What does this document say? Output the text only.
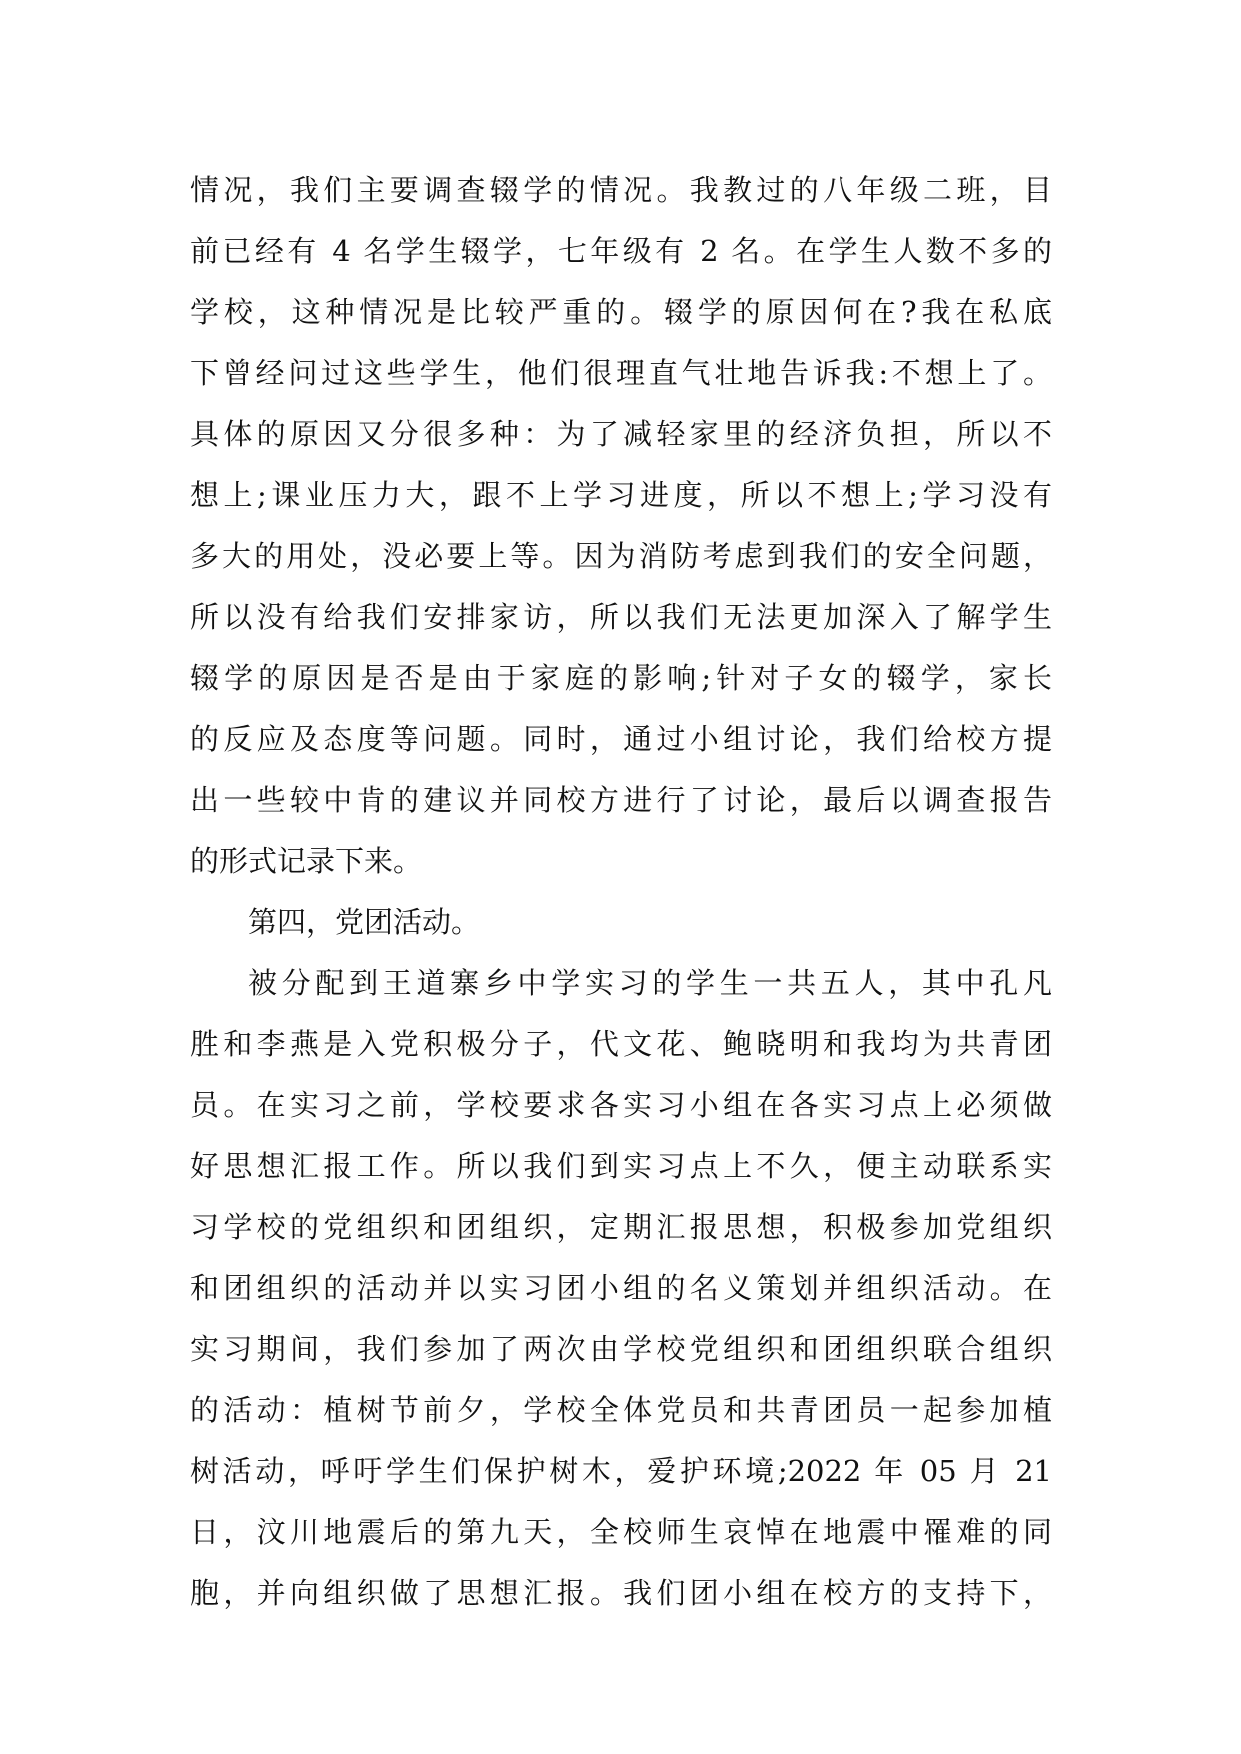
情况，我们主要调查辍学的情况。我教过的八年级二班，目
前已经有 4 名学生辍学，七年级有 2 名。在学生人数不多的
学校，这种情况是比较严重的。辍学的原因何在?我在私底
下曾经问过这些学生，他们很理直气壮地告诉我:不想上了。
具体的原因又分很多种：为了减轻家里的经济负担，所以不
想上;课业压力大，跟不上学习进度，所以不想上;学习没有
多大的用处，没必要上等。因为消防考虑到我们的安全问题，
所以没有给我们安排家访，所以我们无法更加深入了解学生
辍学的原因是否是由于家庭的影响;针对子女的辍学，家长
的反应及态度等问题。同时，通过小组讨论，我们给校方提
出一些较中肯的建议并同校方进行了讨论，最后以调查报告
的形式记录下来。
第四，党团活动。
被分配到王道寨乡中学实习的学生一共五人，其中孔凡
胜和李燕是入党积极分子，代文花、鲍晓明和我均为共青团
员。在实习之前，学校要求各实习小组在各实习点上必须做
好思想汇报工作。所以我们到实习点上不久，便主动联系实
习学校的党组织和团组织，定期汇报思想，积极参加党组织
和团组织的活动并以实习团小组的名义策划并组织活动。在
实习期间，我们参加了两次由学校党组织和团组织联合组织
的活动：植树节前夕，学校全体党员和共青团员一起参加植
树活动，呼吁学生们保护树木，爱护环境;2022 年 05 月 21
日，汶川地震后的第九天，全校师生哀悼在地震中罹难的同
胞，并向组织做了思想汇报。我们团小组在校方的支持下，
